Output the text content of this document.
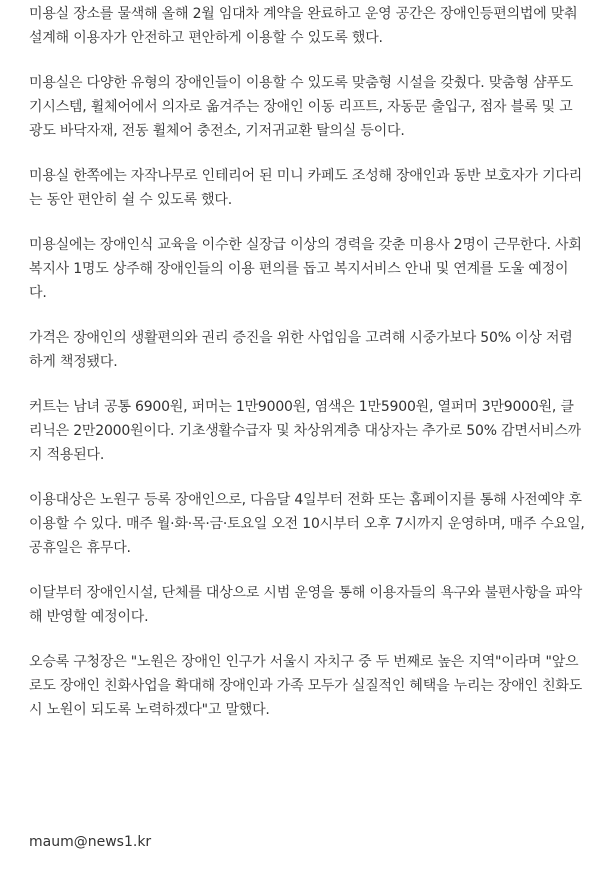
미용실 장소를 물색해 올해 2월 임대차 계약을 완료하고 운영 공간은 장애인등편의법에 맞춰 설계해 이용자가 안전하고 편안하게 이용할 수 있도록 했다.

미용실은 다양한 유형의 장애인들이 이용할 수 있도록 맞춤형 시설을 갖췄다. 맞춤형 샴푸도기시스템, 휠체어에서 의자로 옮겨주는 장애인 이동 리프트, 자동문 출입구, 점자 블록 및 고광도 바닥자재, 전동 휠체어 충전소, 기저귀교환 탈의실 등이다.

미용실 한쪽에는 자작나무로 인테리어 된 미니 카페도 조성해 장애인과 동반 보호자가 기다리는 동안 편안히 쉴 수 있도록 했다.

미용실에는 장애인식 교육을 이수한 실장급 이상의 경력을 갖춘 미용사 2명이 근무한다. 사회복지사 1명도 상주해 장애인들의 이용 편의를 돕고 복지서비스 안내 및 연계를 도울 예정이다.

가격은 장애인의 생활편의와 권리 증진을 위한 사업임을 고려해 시중가보다 50% 이상 저렴하게 책정됐다.

커트는 남녀 공통 6900원, 퍼머는 1만9000원, 염색은 1만5900원, 열퍼머 3만9000원, 클리닉은 2만2000원이다. 기초생활수급자 및 차상위계층 대상자는 추가로 50% 감면서비스까지 적용된다.

이용대상은 노원구 등록 장애인으로, 다음달 4일부터 전화 또는 홈페이지를 통해 사전예약 후 이용할 수 있다. 매주 월·화·목·금·토요일 오전 10시부터 오후 7시까지 운영하며, 매주 수요일, 공휴일은 휴무다.

이달부터 장애인시설, 단체를 대상으로 시범 운영을 통해 이용자들의 욕구와 불편사항을 파악해 반영할 예정이다.

오승록 구청장은 "노원은 장애인 인구가 서울시 자치구 중 두 번째로 높은 지역"이라며 "앞으로도 장애인 친화사업을 확대해 장애인과 가족 모두가 실질적인 혜택을 누리는 장애인 친화도시 노원이 되도록 노력하겠다"고 말했다.

maum@news1.kr
